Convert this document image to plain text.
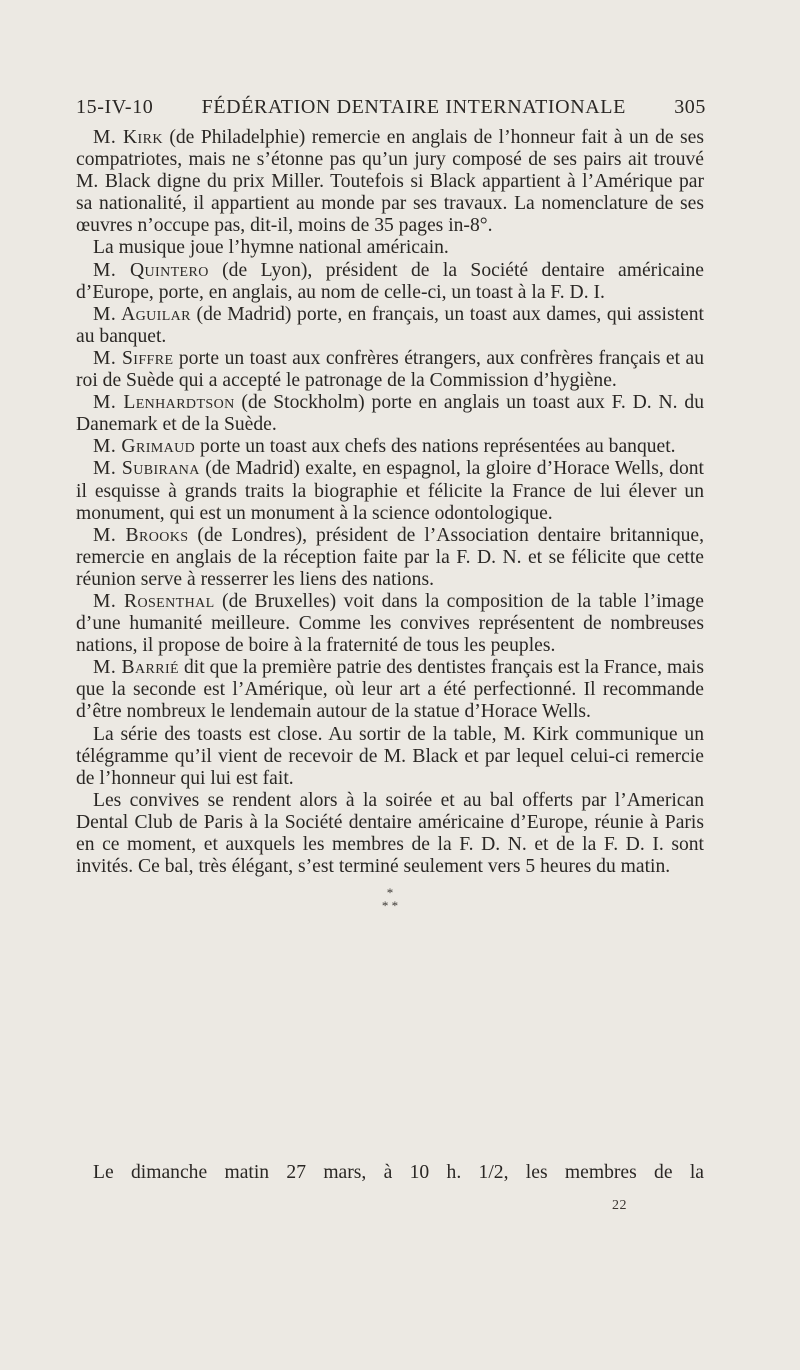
15-IV-10 FÉDÉRATION DENTAIRE INTERNATIONALE 305

M. Kirk (de Philadelphie) remercie en anglais de l’honneur fait à un de ses compatriotes, mais ne s’étonne pas qu’un jury composé de ses pairs ait trouvé M. Black digne du prix Miller. Toutefois si Black appartient à l’Amérique par sa nationalité, il appartient au monde par ses travaux. La nomenclature de ses œuvres n’occupe pas, dit-il, moins de 35 pages in-8°.

La musique joue l’hymne national américain.

M. Quintero (de Lyon), président de la Société dentaire américaine d’Europe, porte, en anglais, au nom de celle-ci, un toast à la F. D. I.

M. Aguilar (de Madrid) porte, en français, un toast aux dames, qui assistent au banquet.

M. Siffre porte un toast aux confrères étrangers, aux confrères français et au roi de Suède qui a accepté le patronage de la Commission d’hygiène.

M. Lenhardtson (de Stockholm) porte en anglais un toast aux F. D. N. du Danemark et de la Suède.

M. Grimaud porte un toast aux chefs des nations représentées au banquet.

M. Subirana (de Madrid) exalte, en espagnol, la gloire d’Horace Wells, dont il esquisse à grands traits la biographie et félicite la France de lui élever un monument, qui est un monument à la science odontologique.

M. Brooks (de Londres), président de l’Association dentaire britannique, remercie en anglais de la réception faite par la F. D. N. et se félicite que cette réunion serve à resserrer les liens des nations.

M. Rosenthal (de Bruxelles) voit dans la composition de la table l’image d’une humanité meilleure. Comme les convives représentent de nombreuses nations, il propose de boire à la fraternité de tous les peuples.

M. Barrié dit que la première patrie des dentistes français est la France, mais que la seconde est l’Amérique, où leur art a été perfectionné. Il recommande d’être nombreux le lendemain autour de la statue d’Horace Wells.

La série des toasts est close. Au sortir de la table, M. Kirk communique un télégramme qu’il vient de recevoir de M. Black et par lequel celui-ci remercie de l’honneur qui lui est fait.

Les convives se rendent alors à la soirée et au bal offerts par l’American Dental Club de Paris à la Société dentaire américaine d’Europe, réunie à Paris en ce moment, et auxquels les membres de la F. D. N. et de la F. D. I. sont invités. Ce bal, très élégant, s’est terminé seulement vers 5 heures du matin.

*
* *

Le dimanche matin 27 mars, à 10 h. 1/2, les membres de la

22
